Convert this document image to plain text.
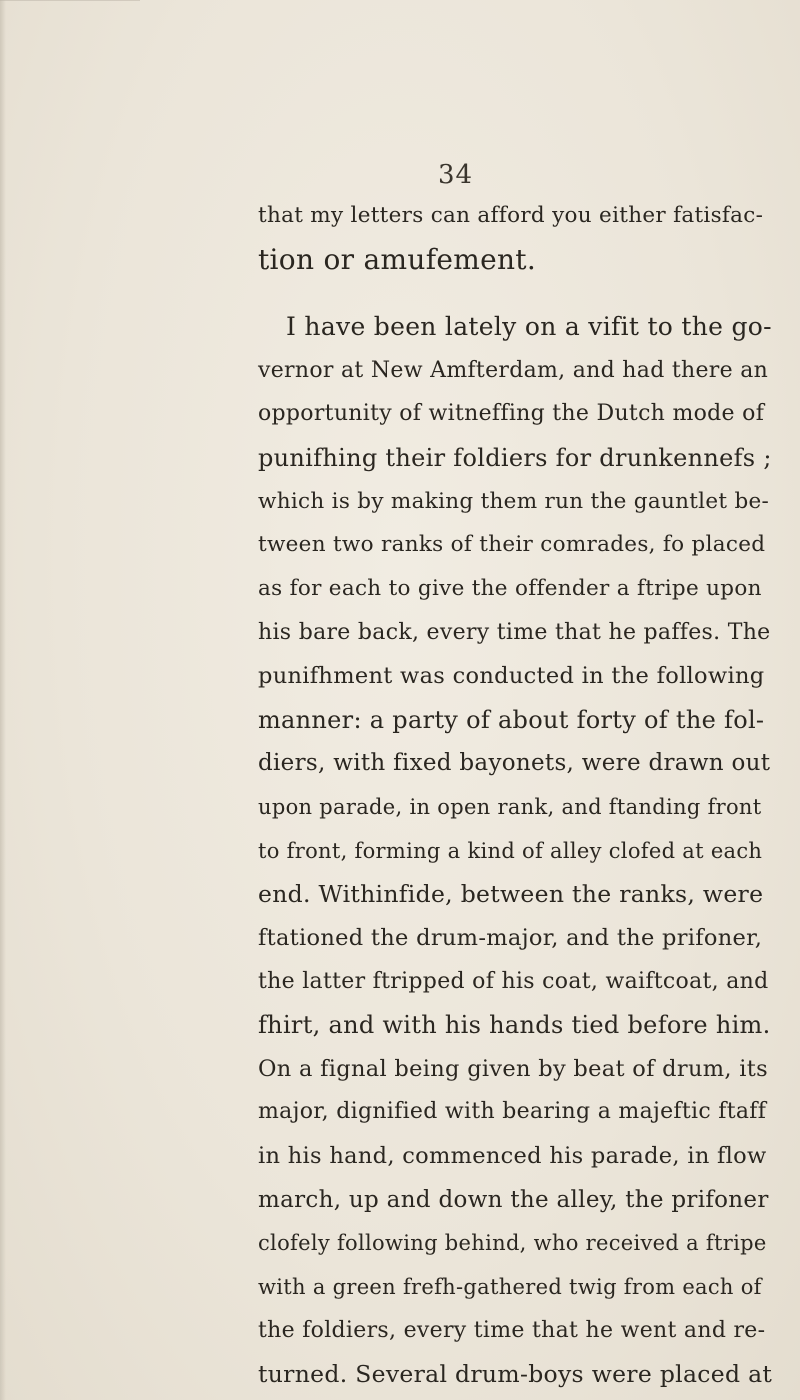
34
that my letters can afford you either fatisfac-
tion or amufement.
I have been lately on a vifit to the go-
vernor at New Amfterdam, and had there an
opportunity of witneffing the Dutch mode of
punifhing their foldiers for drunkennefs ;
which is by making them run the gauntlet be-
tween two ranks of their comrades, fo placed
as for each to give the offender a ftripe upon
his bare back, every time that he paffes. The
punifhment was conducted in the following
manner: a party of about forty of the fol-
diers, with fixed bayonets, were drawn out
upon parade, in open rank, and ftanding front
to front, forming a kind of alley clofed at each
end. Withinfide, between the ranks, were
ftationed the drum-major, and the prifoner,
the latter ftripped of his coat, waiftcoat, and
fhirt, and with his hands tied before him.
On a fignal being given by beat of drum, its
major, dignified with bearing a majeftic ftaff
in his hand, commenced his parade, in flow
march, up and down the alley, the prifoner
clofely following behind, who received a ftripe
with a green frefh-gathered twig from each of
the foldiers, every time that he went and re-
turned. Several drum-boys were placed at
